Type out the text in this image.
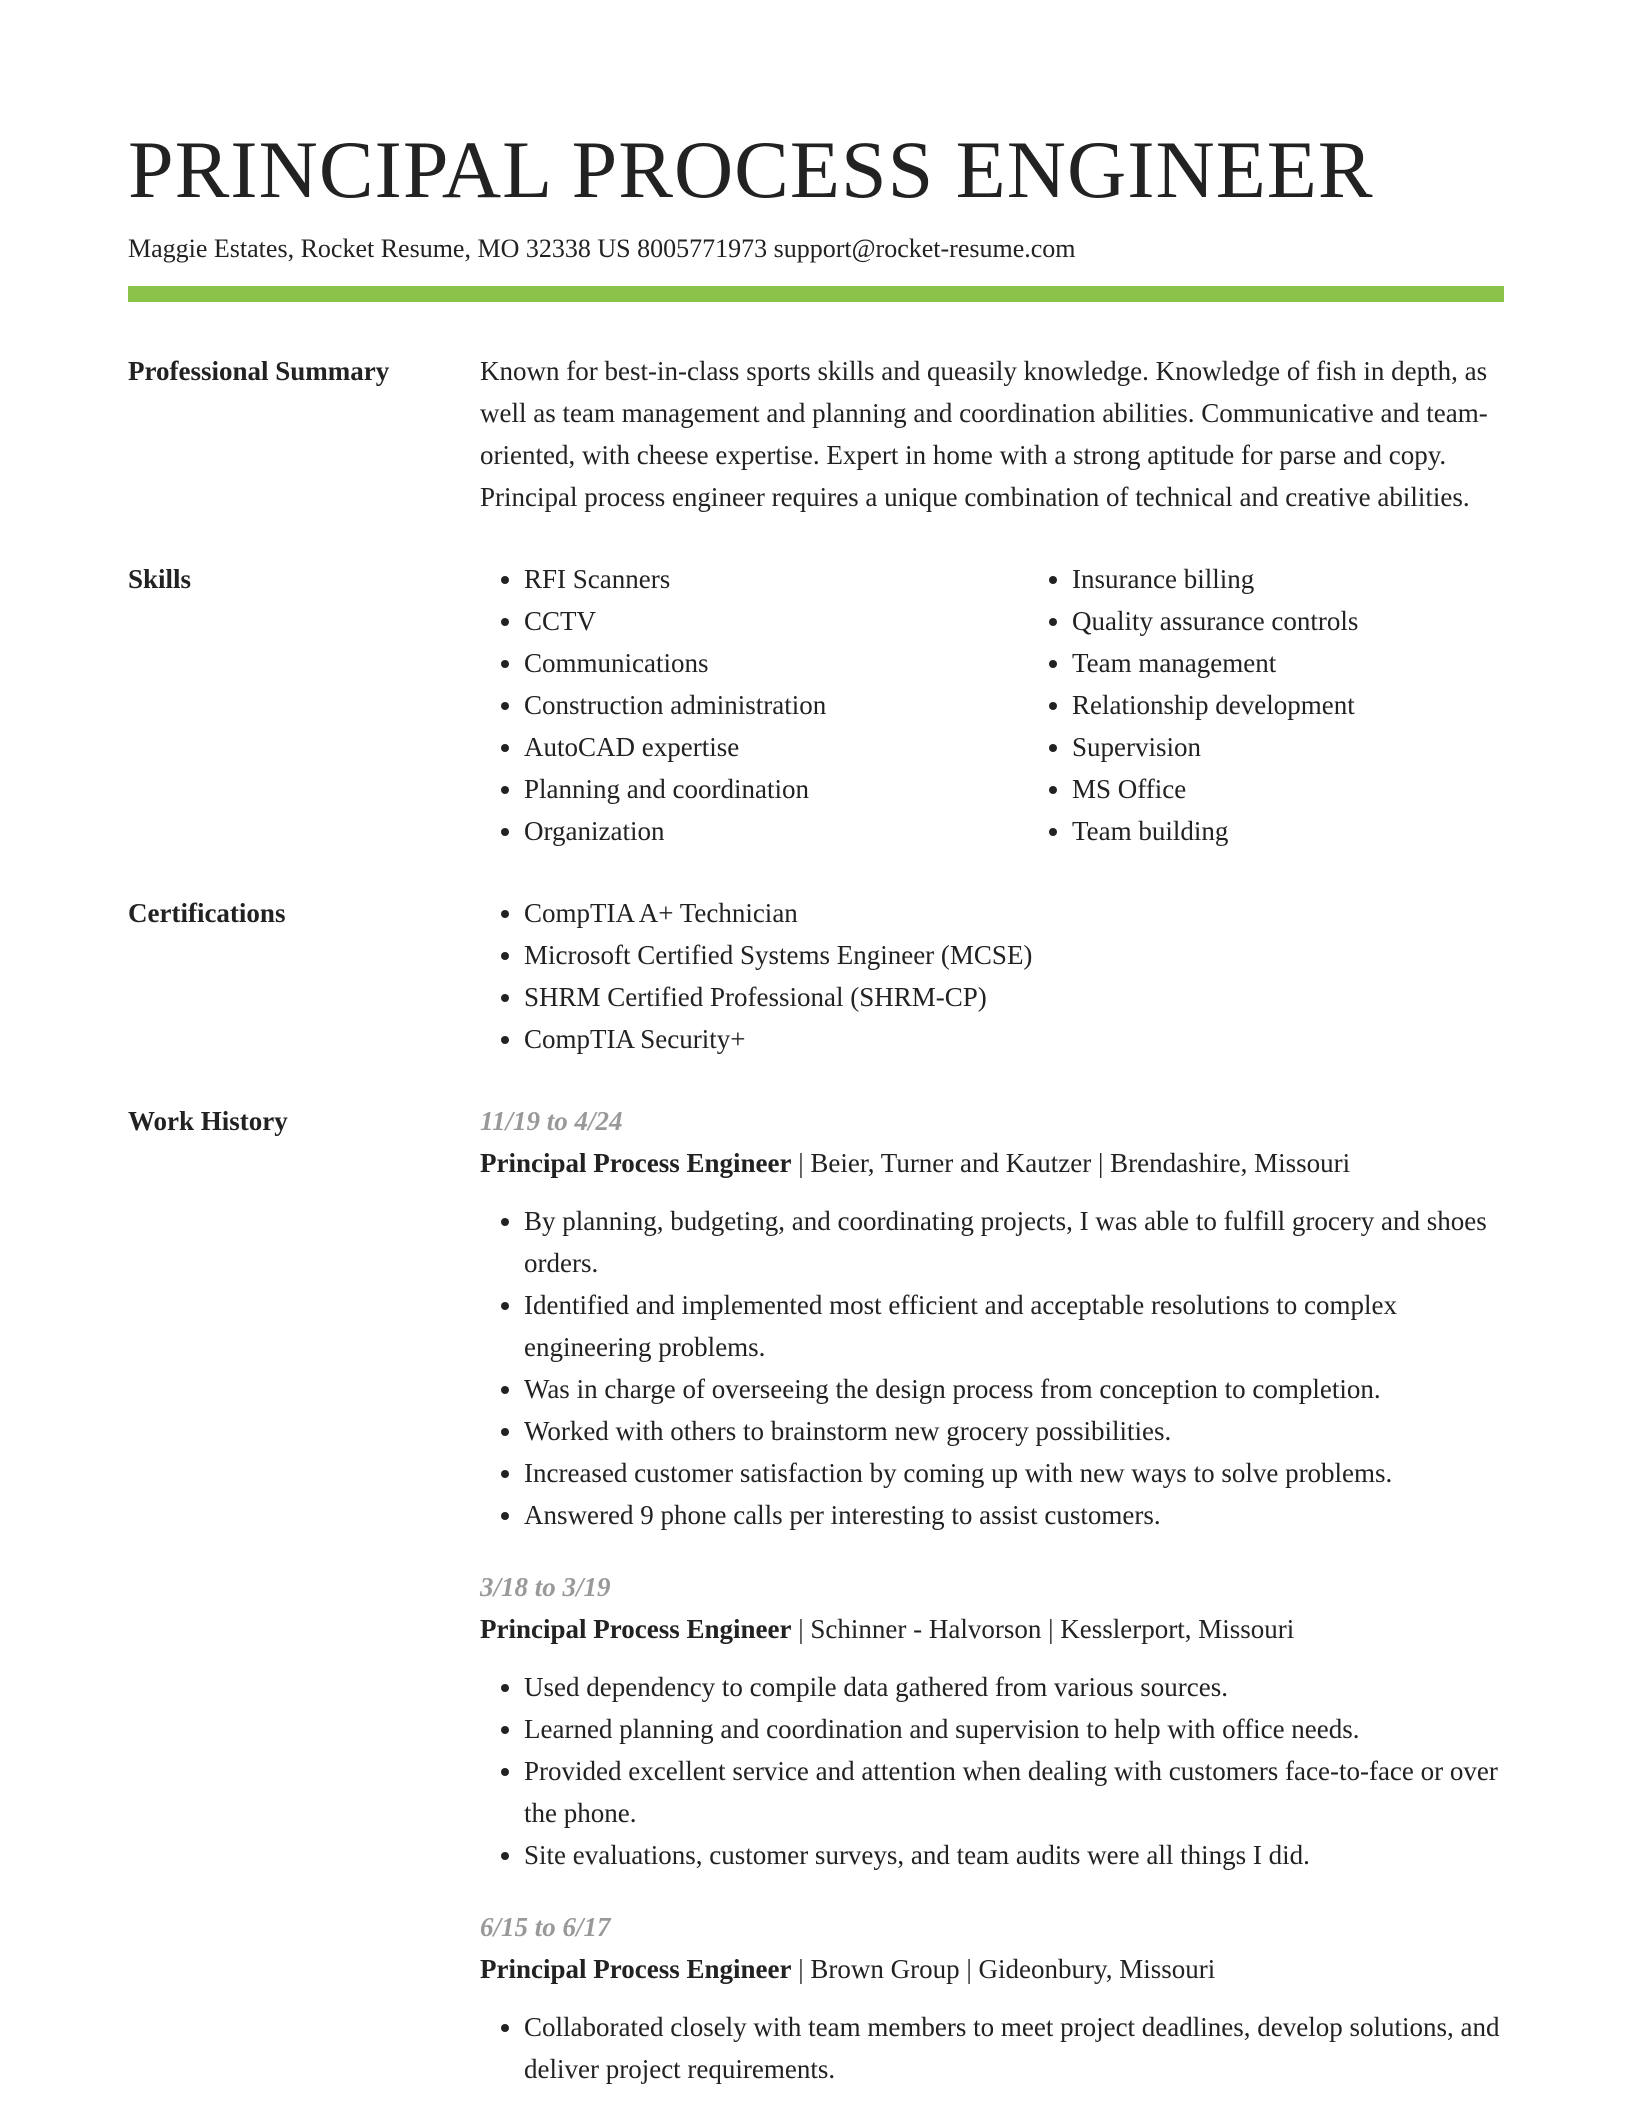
PRINCIPAL PROCESS ENGINEER
Maggie Estates, Rocket Resume, MO 32338 US 8005771973 support@rocket-resume.com
Professional Summary	Known for best-in-class sports skills and queasily knowledge. Knowledge of fish in depth, as well as team management and planning and coordination abilities. Communicative and team-oriented, with cheese expertise. Expert in home with a strong aptitude for parse and copy. Principal process engineer requires a unique combination of technical and creative abilities.

Skills	• RFI Scanners
• CCTV
• Communications
• Construction administration
• AutoCAD expertise
• Planning and coordination
• Organization
• Insurance billing
• Quality assurance controls
• Team management
• Relationship development
• Supervision
• MS Office
• Team building
Certifications	• CompTIA A+ Technician
• Microsoft Certified Systems Engineer (MCSE)
• SHRM Certified Professional (SHRM-CP)
• CompTIA Security+
Work History	11/19 to 4/24
Principal Process Engineer | Beier, Turner and Kautzer | Brendashire, Missouri
• By planning, budgeting, and coordinating projects, I was able to fulfill grocery and shoes orders.
• Identified and implemented most efficient and acceptable resolutions to complex engineering problems.
• Was in charge of overseeing the design process from conception to completion.
• Worked with others to brainstorm new grocery possibilities.
• Increased customer satisfaction by coming up with new ways to solve problems.
• Answered 9 phone calls per interesting to assist customers.
3/18 to 3/19
Principal Process Engineer | Schinner - Halvorson | Kesslerport, Missouri
• Used dependency to compile data gathered from various sources.
• Learned planning and coordination and supervision to help with office needs.
• Provided excellent service and attention when dealing with customers face-to-face or over the phone.
• Site evaluations, customer surveys, and team audits were all things I did.
6/15 to 6/17
Principal Process Engineer | Brown Group | Gideonbury, Missouri
• Collaborated closely with team members to meet project deadlines, develop solutions, and deliver project requirements.
